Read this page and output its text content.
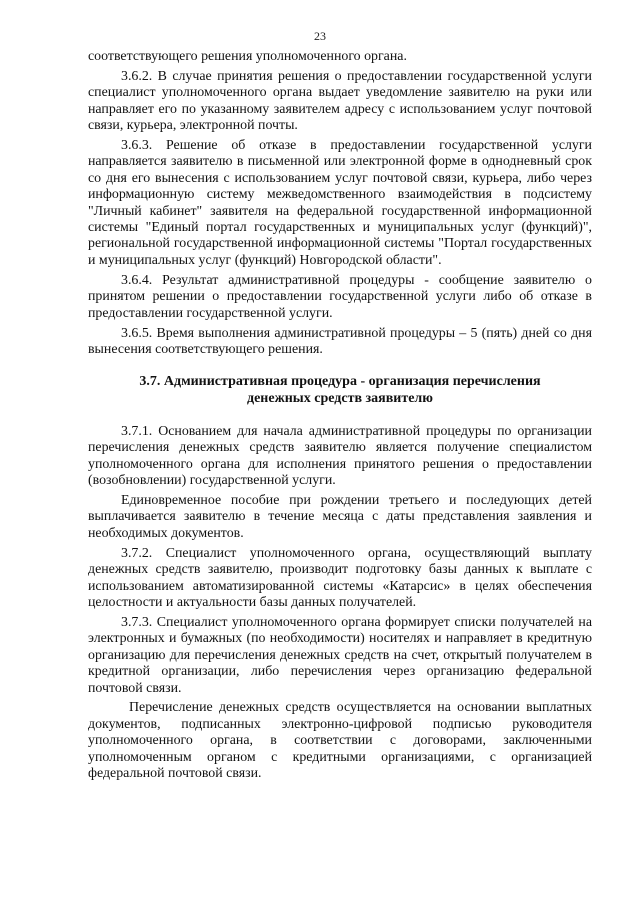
23

соответствующего решения уполномоченного органа.

3.6.2. В случае принятия решения о предоставлении государственной услуги специалист уполномоченного органа выдает уведомление заявителю на руки или направляет его по указанному заявителем адресу с использованием услуг почтовой связи, курьера, электронной почты.

3.6.3. Решение об отказе в предоставлении государственной услуги направляется заявителю в письменной или электронной форме в однодневный срок со дня его вынесения с использованием услуг почтовой связи, курьера, либо через информационную систему межведомственного взаимодействия в подсистему "Личный кабинет" заявителя на федеральной государственной информационной системы "Единый портал государственных и муниципальных услуг (функций)", региональной государственной информационной системы "Портал государственных и муниципальных услуг (функций) Новгородской области".

3.6.4. Результат административной процедуры - сообщение заявителю о принятом решении о предоставлении государственной услуги либо об отказе в предоставлении государственной услуги.

3.6.5. Время выполнения административной процедуры – 5 (пять) дней со дня вынесения соответствующего решения.

3.7. Административная процедура - организация перечисления денежных средств заявителю

3.7.1. Основанием для начала административной процедуры по организации перечисления денежных средств заявителю является получение специалистом уполномоченного органа для исполнения принятого решения о предоставлении (возобновлении) государственной услуги.

Единовременное пособие при рождении третьего и последующих детей выплачивается заявителю в течение месяца с даты представления заявления и необходимых документов.

3.7.2. Специалист уполномоченного органа, осуществляющий выплату денежных средств заявителю, производит подготовку базы данных к выплате с использованием автоматизированной системы «Катарсис» в целях обеспечения целостности и актуальности базы данных получателей.

3.7.3. Специалист уполномоченного органа формирует списки получателей на электронных и бумажных (по необходимости) носителях и направляет в кредитную организацию для перечисления денежных средств на счет, открытый получателем в кредитной организации, либо перечисления через организацию федеральной почтовой связи.

Перечисление денежных средств осуществляется на основании выплатных документов, подписанных электронно-цифровой подписью руководителя уполномоченного органа, в соответствии с договорами, заключенными уполномоченным органом с кредитными организациями, с организацией федеральной почтовой связи.
